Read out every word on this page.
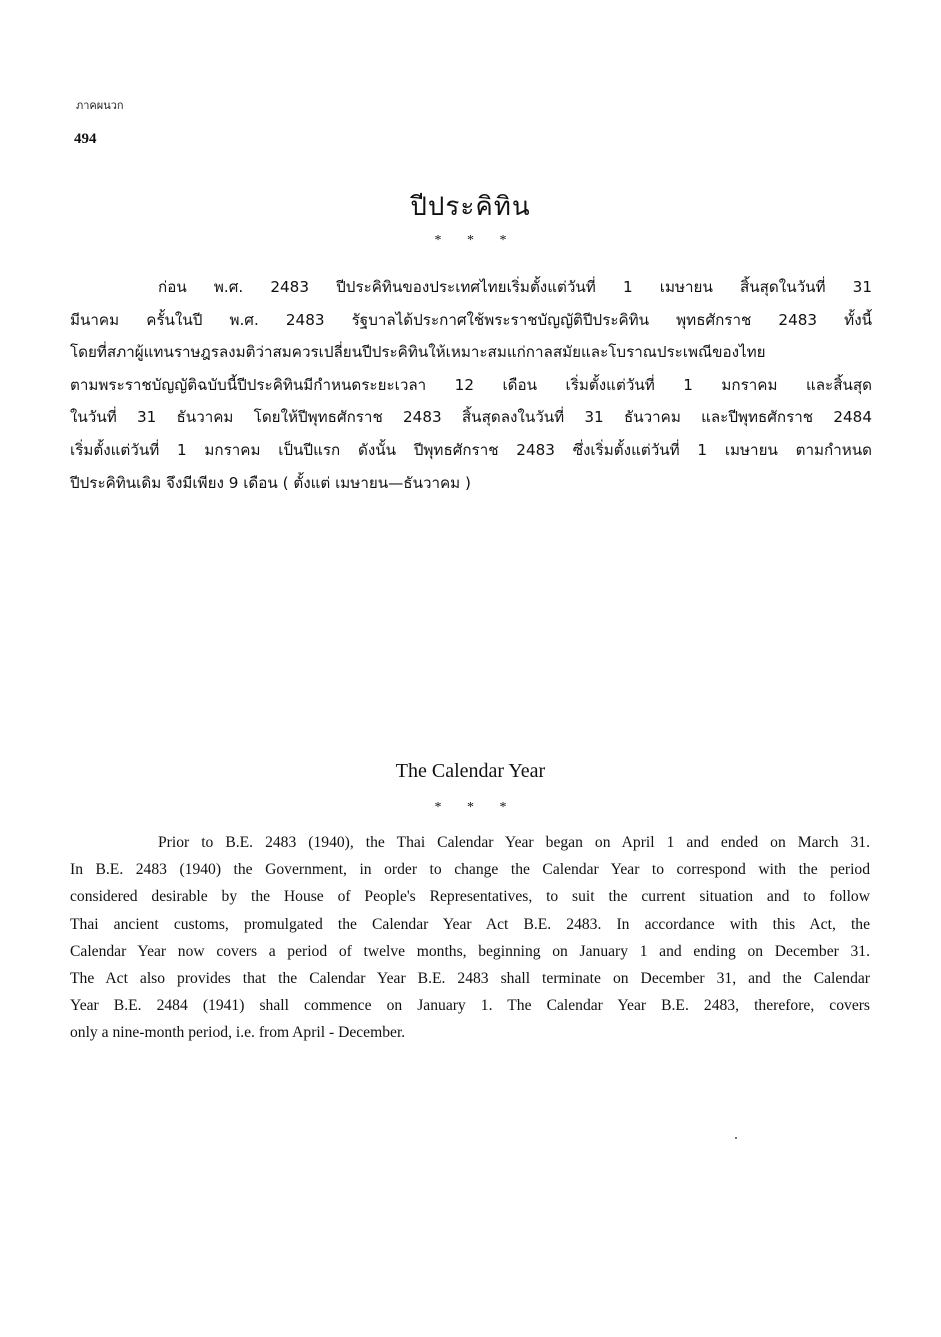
ภาคผนวก
494
ปีประคิทิน
* * *
ก่อน พ.ศ. 2483 ปีประคิทินของประเทศไทยเริ่มตั้งแต่วันที่ 1 เมษายน สิ้นสุดในวันที่ 31
มีนาคม ครั้นในปี พ.ศ. 2483 รัฐบาลได้ประกาศใช้พระราชบัญญัติปีประคิทิน พุทธศักราช 2483 ทั้งนี้
โดยที่สภาผู้แทนราษฎรลงมติว่าสมควรเปลี่ยนปีประคิทินให้เหมาะสมแก่กาลสมัยและโบราณประเพณีของไทย
ตามพระราชบัญญัติฉบับนี้ปีประคิทินมีกำหนดระยะเวลา 12 เดือน เริ่มตั้งแต่วันที่ 1 มกราคม และสิ้นสุด
ในวันที่ 31 ธันวาคม โดยให้ปีพุทธศักราช 2483 สิ้นสุดลงในวันที่ 31 ธันวาคม และปีพุทธศักราช 2484
เริ่มตั้งแต่วันที่ 1 มกราคม เป็นปีแรก ดังนั้น ปีพุทธศักราช 2483 ซึ่งเริ่มตั้งแต่วันที่ 1 เมษายน ตามกำหนด
ปีประคิทินเดิม จึงมีเพียง 9 เดือน ( ตั้งแต่ เมษายน—ธันวาคม )
The Calendar Year
* * *
Prior to B.E. 2483 (1940), the Thai Calendar Year began on April 1 and ended on March 31.
In B.E. 2483 (1940) the Government, in order to change the Calendar Year to correspond with the period
considered desirable by the House of People's Representatives, to suit the current situation and to follow
Thai ancient customs, promulgated the Calendar Year Act B.E. 2483. In accordance with this Act, the
Calendar Year now covers a period of twelve months, beginning on January 1 and ending on December 31.
The Act also provides that the Calendar Year B.E. 2483 shall terminate on December 31, and the Calendar
Year B.E. 2484 (1941) shall commence on January 1. The Calendar Year B.E. 2483, therefore, covers
only a nine-month period, i.e. from April - December.
